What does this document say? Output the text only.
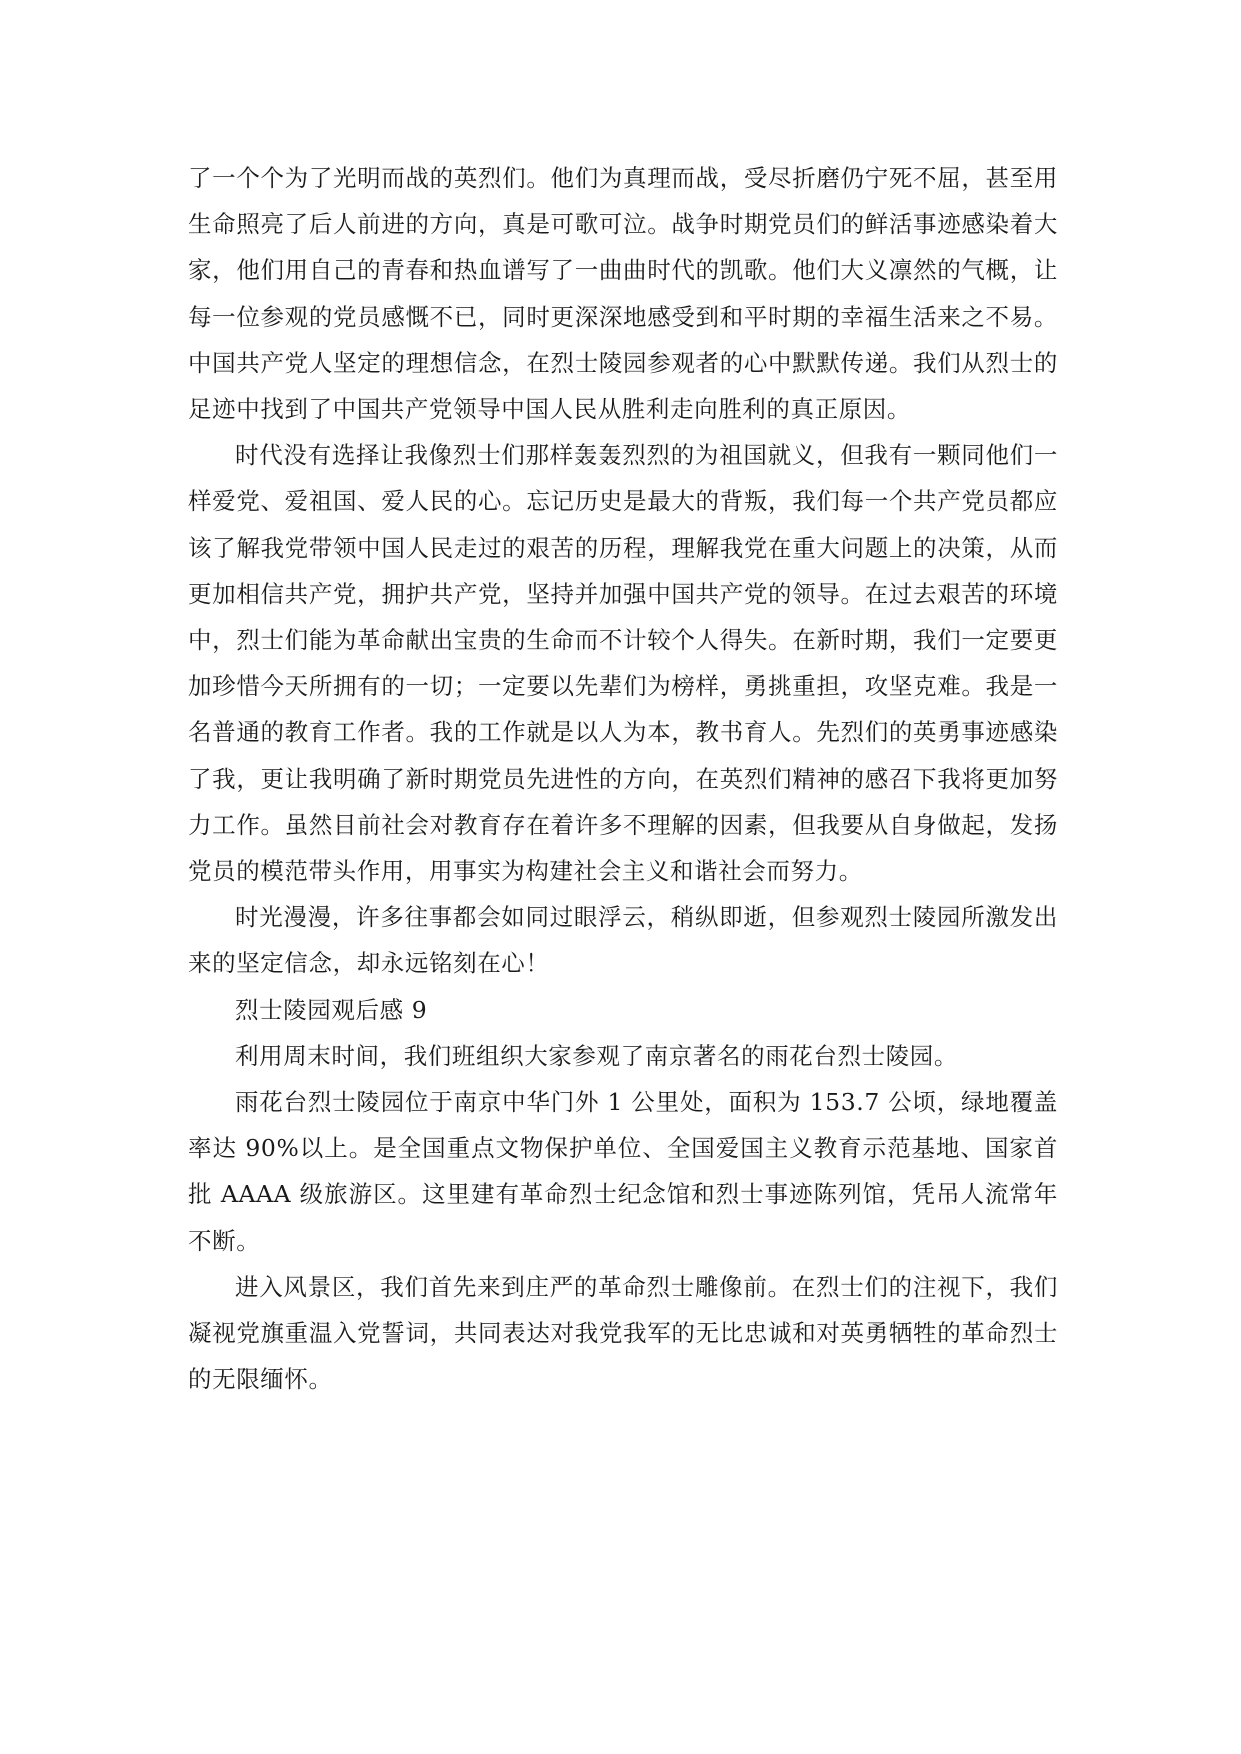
了一个个为了光明而战的英烈们。他们为真理而战，受尽折磨仍宁死不屈，甚至用生命照亮了后人前进的方向，真是可歌可泣。战争时期党员们的鲜活事迹感染着大家，他们用自己的青春和热血谱写了一曲曲时代的凯歌。他们大义凛然的气概，让每一位参观的党员感慨不已，同时更深深地感受到和平时期的幸福生活来之不易。中国共产党人坚定的理想信念，在烈士陵园参观者的心中默默传递。我们从烈士的足迹中找到了中国共产党领导中国人民从胜利走向胜利的真正原因。

时代没有选择让我像烈士们那样轰轰烈烈的为祖国就义，但我有一颗同他们一样爱党、爱祖国、爱人民的心。忘记历史是最大的背叛，我们每一个共产党员都应该了解我党带领中国人民走过的艰苦的历程，理解我党在重大问题上的决策，从而更加相信共产党，拥护共产党，坚持并加强中国共产党的领导。在过去艰苦的环境中，烈士们能为革命献出宝贵的生命而不计较个人得失。在新时期，我们一定要更加珍惜今天所拥有的一切；一定要以先辈们为榜样，勇挑重担，攻坚克难。我是一名普通的教育工作者。我的工作就是以人为本，教书育人。先烈们的英勇事迹感染了我，更让我明确了新时期党员先进性的方向，在英烈们精神的感召下我将更加努力工作。虽然目前社会对教育存在着许多不理解的因素，但我要从自身做起，发扬党员的模范带头作用，用事实为构建社会主义和谐社会而努力。

时光漫漫，许多往事都会如同过眼浮云，稍纵即逝，但参观烈士陵园所激发出来的坚定信念，却永远铭刻在心！

烈士陵园观后感 9

利用周末时间，我们班组织大家参观了南京著名的雨花台烈士陵园。

雨花台烈士陵园位于南京中华门外 1 公里处，面积为 153.7 公顷，绿地覆盖率达 90%以上。是全国重点文物保护单位、全国爱国主义教育示范基地、国家首批 AAAA 级旅游区。这里建有革命烈士纪念馆和烈士事迹陈列馆，凭吊人流常年不断。

进入风景区，我们首先来到庄严的革命烈士雕像前。在烈士们的注视下，我们凝视党旗重温入党誓词，共同表达对我党我军的无比忠诚和对英勇牺牲的革命烈士的无限缅怀。
